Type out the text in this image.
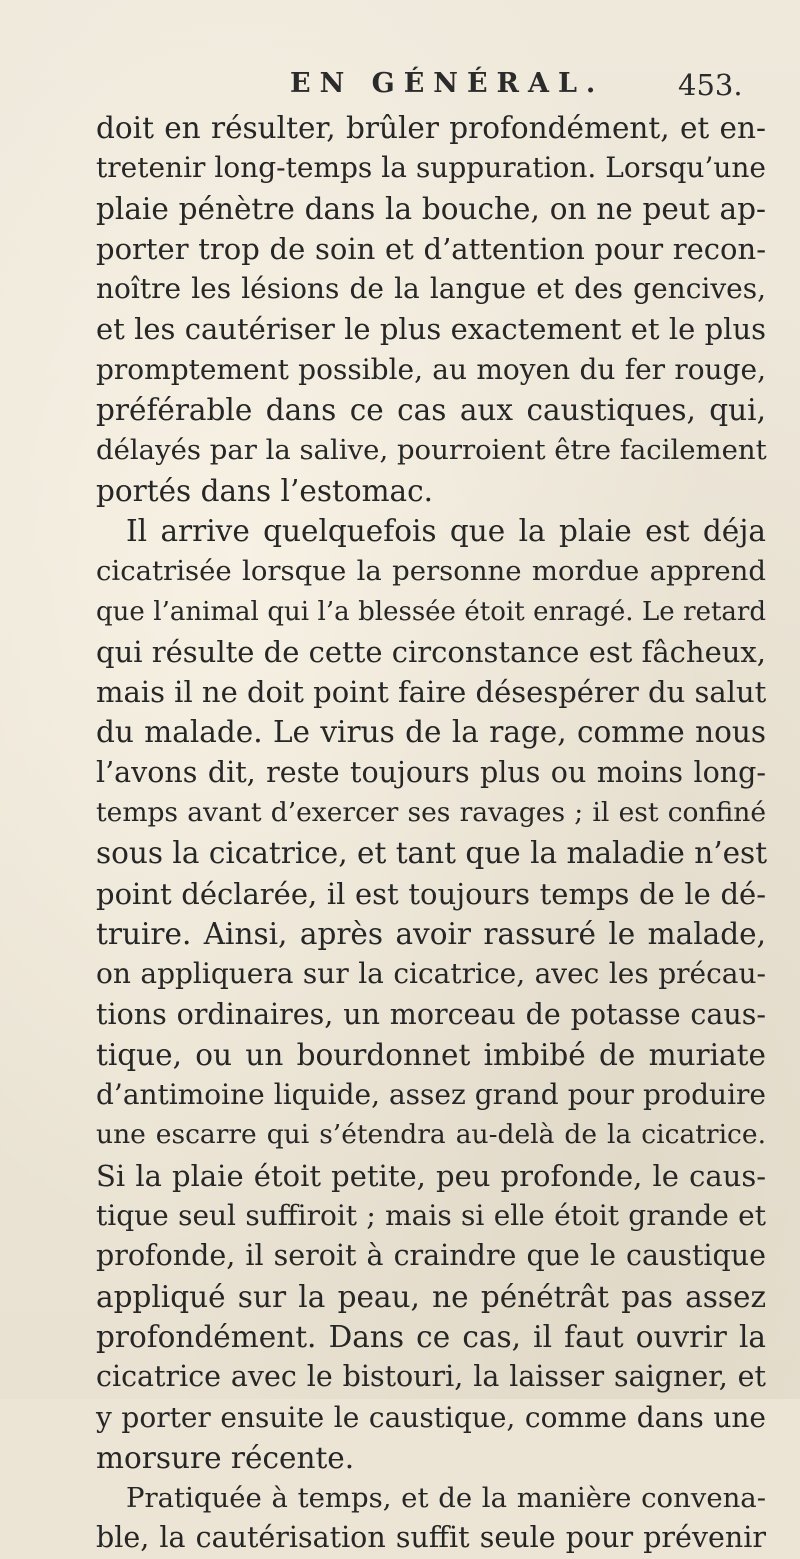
EN GÉNÉRAL.	453.
doit en résulter, brûler profondément, et en-
tretenir long-temps la suppuration. Lorsqu’une
plaie pénètre dans la bouche, on ne peut ap-
porter trop de soin et d’attention pour recon-
noître les lésions de la langue et des gencives,
et les cautériser le plus exactement et le plus
promptement possible, au moyen du fer rouge,
préférable dans ce cas aux caustiques, qui,
délayés par la salive, pourroient être facilement
portés dans l’estomac.
Il arrive quelquefois que la plaie est déja
cicatrisée lorsque la personne mordue apprend
que l’animal qui l’a blessée étoit enragé. Le retard
qui résulte de cette circonstance est fâcheux,
mais il ne doit point faire désespérer du salut
du malade. Le virus de la rage, comme nous
l’avons dit, reste toujours plus ou moins long-
temps avant d’exercer ses ravages ; il est confiné
sous la cicatrice, et tant que la maladie n’est
point déclarée, il est toujours temps de le dé-
truire. Ainsi, après avoir rassuré le malade,
on appliquera sur la cicatrice, avec les précau-
tions ordinaires, un morceau de potasse caus-
tique, ou un bourdonnet imbibé de muriate
d’antimoine liquide, assez grand pour produire
une escarre qui s’étendra au-delà de la cicatrice.
Si la plaie étoit petite, peu profonde, le caus-
tique seul suffiroit ; mais si elle étoit grande et
profonde, il seroit à craindre que le caustique
appliqué sur la peau, ne pénétrât pas assez
profondément. Dans ce cas, il faut ouvrir la
cicatrice avec le bistouri, la laisser saigner, et
y porter ensuite le caustique, comme dans une
morsure récente.
Pratiquée à temps, et de la manière convena-
ble, la cautérisation suffit seule pour prévenir
